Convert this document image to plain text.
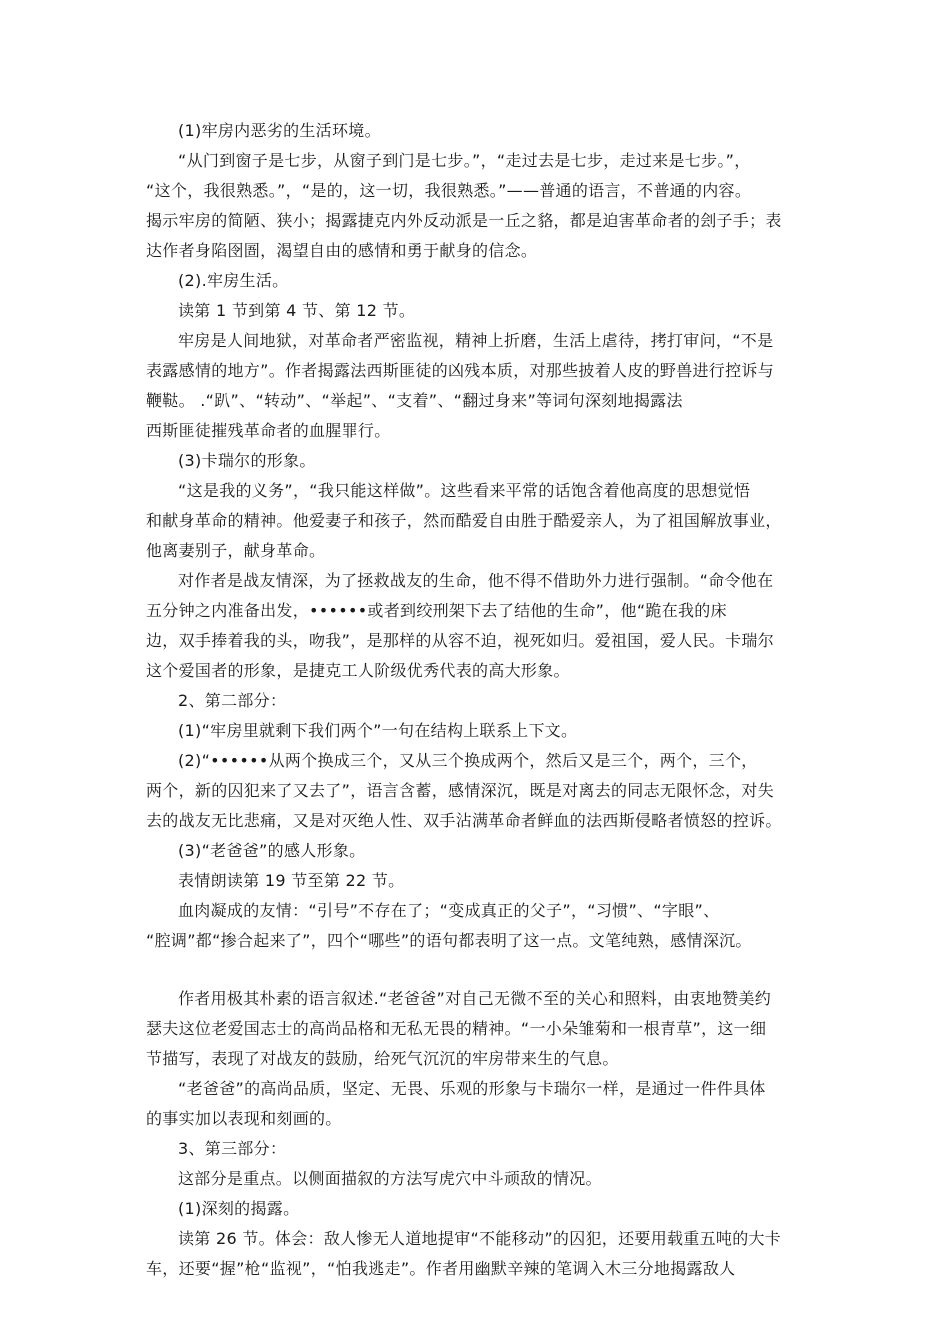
(1)牢房内恶劣的生活环境。
“从门到窗子是七步，从窗子到门是七步。”，“走过去是七步，走过来是七步。”，
“这个，我很熟悉。”，“是的，这一切，我很熟悉。”——普通的语言，不普通的内容。
揭示牢房的简陋、狭小；揭露捷克内外反动派是一丘之貉，都是迫害革命者的刽子手；表
达作者身陷囹圄，渴望自由的感情和勇于献身的信念。
(2).牢房生活。
读第 1 节到第 4 节、第 12 节。
牢房是人间地狱，对革命者严密监视，精神上折磨，生活上虐待，拷打审问，“不是
表露感情的地方”。作者揭露法西斯匪徒的凶残本质，对那些披着人皮的野兽进行控诉与
鞭鞑。 .“趴”、“转动”、“举起”、“支着”、“翻过身来”等词句深刻地揭露法
西斯匪徒摧残革命者的血腥罪行。
(3)卡瑞尔的形象。
“这是我的义务”，“我只能这样做”。这些看来平常的话饱含着他高度的思想觉悟
和献身革命的精神。他爱妻子和孩子，然而酷爱自由胜于酷爱亲人，为了祖国解放事业，
他离妻别子，献身革命。
对作者是战友情深，为了拯救战友的生命，他不得不借助外力进行强制。“命令他在
五分钟之内准备出发，••••••或者到绞刑架下去了结他的生命”，他“跪在我的床
边，双手捧着我的头，吻我”，是那样的从容不迫，视死如归。爱祖国，爱人民。卡瑞尔
这个爱国者的形象，是捷克工人阶级优秀代表的高大形象。
2、第二部分：
(1)“牢房里就剩下我们两个”一句在结构上联系上下文。
(2)“••••••从两个换成三个，又从三个换成两个，然后又是三个，两个，三个，
两个，新的囚犯来了又去了”，语言含蓄，感情深沉，既是对离去的同志无限怀念，对失
去的战友无比悲痛，又是对灭绝人性、双手沾满革命者鲜血的法西斯侵略者愤怒的控诉。
(3)“老爸爸”的感人形象。
表情朗读第 19 节至第 22 节。
血肉凝成的友情：“引号”不存在了；“变成真正的父子”，“习惯”、“字眼”、
“腔调”都“掺合起来了”，四个“哪些”的语句都表明了这一点。文笔纯熟，感情深沉。
作者用极其朴素的语言叙述.“老爸爸”对自己无微不至的关心和照料，由衷地赞美约
瑟夫这位老爱国志士的高尚品格和无私无畏的精神。“一小朵雏菊和一根青草”，这一细
节描写，表现了对战友的鼓励，给死气沉沉的牢房带来生的气息。
“老爸爸”的高尚品质，坚定、无畏、乐观的形象与卡瑞尔一样，是通过一件件具体
的事实加以表现和刻画的。
3、第三部分：
这部分是重点。以侧面描叙的方法写虎穴中斗顽敌的情况。
(1)深刻的揭露。
读第 26 节。体会：敌人惨无人道地提审“不能移动”的囚犯，还要用载重五吨的大卡
车，还要“握”枪“监视”，“怕我逃走”。作者用幽默辛辣的笔调入木三分地揭露敌人
